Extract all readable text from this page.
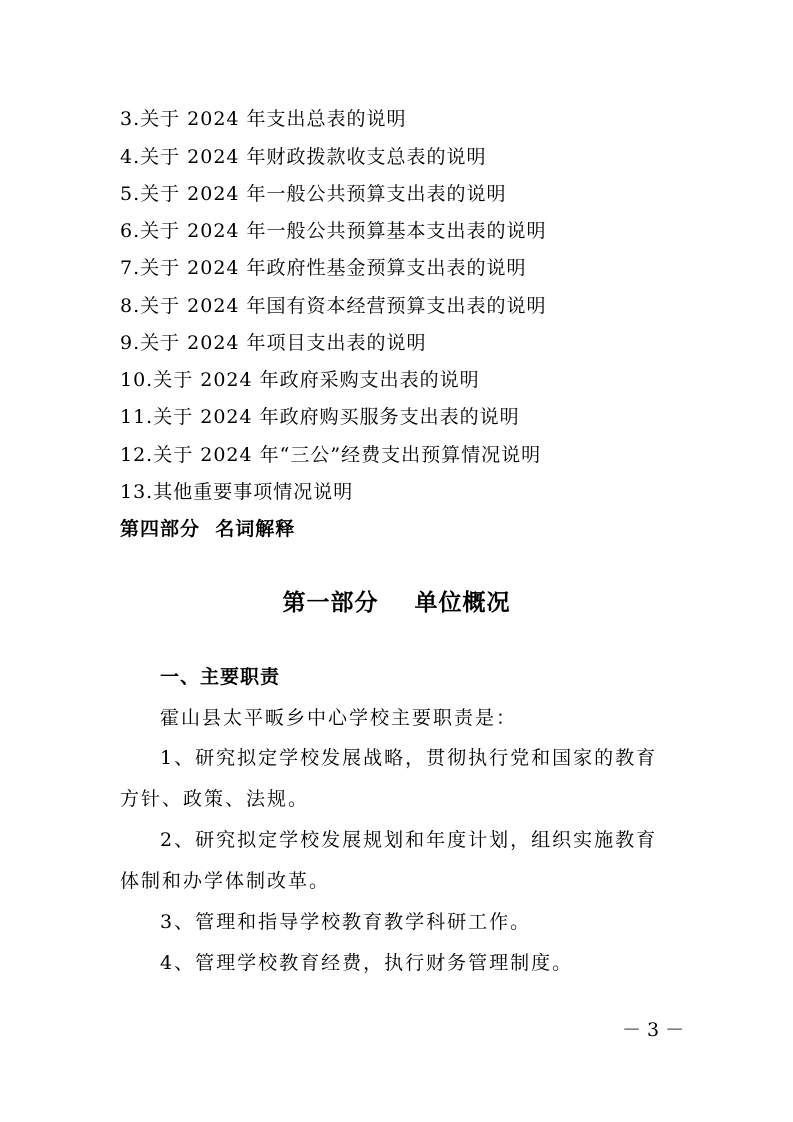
3.关于 2024 年支出总表的说明
4.关于 2024 年财政拨款收支总表的说明
5.关于 2024 年一般公共预算支出表的说明
6.关于 2024 年一般公共预算基本支出表的说明
7.关于 2024 年政府性基金预算支出表的说明
8.关于 2024 年国有资本经营预算支出表的说明
9.关于 2024 年项目支出表的说明
10.关于 2024 年政府采购支出表的说明
11.关于 2024 年政府购买服务支出表的说明
12.关于 2024 年“三公”经费支出预算情况说明
13.其他重要事项情况说明
第四部分  名词解释
第一部分    单位概况
一、主要职责
霍山县太平畈乡中心学校主要职责是：
1、研究拟定学校发展战略，贯彻执行党和国家的教育
方针、政策、法规。
2、研究拟定学校发展规划和年度计划，组织实施教育
体制和办学体制改革。
3、管理和指导学校教育教学科研工作。
4、管理学校教育经费，执行财务管理制度。
－ 3 －
